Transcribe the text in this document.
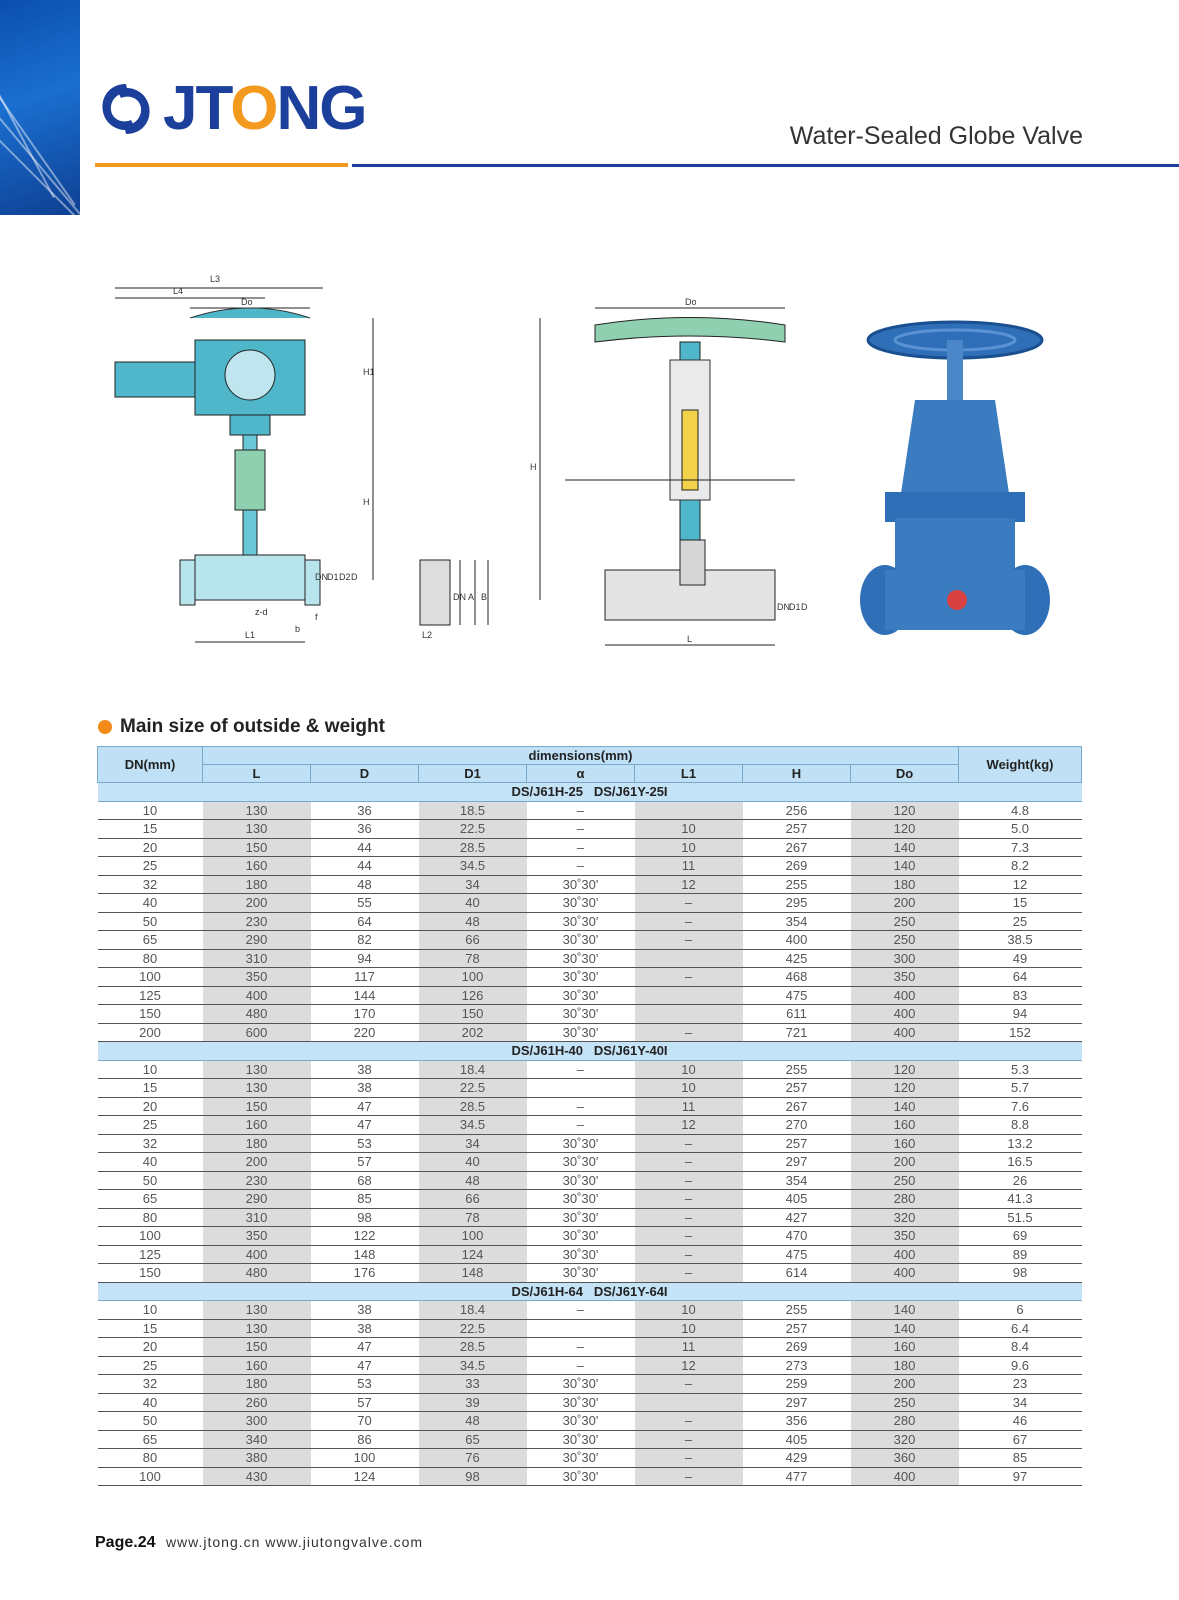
JTONG	Water-Sealed Globe Valve
L3
L4
Do
H1
H
DN D1 D2 D
L1
z-d
b
f
DN A B
L2
Do
H
L
DN D1 D
Main size of outside & weight
DN(mm)	dimensions(mm)							Weight(kg)
	L	D	D1	α	L1	H	Do	
DS/J61H-25   DS/J61Y-25I								
10	130	36	18.5	–		256	120	4.8
15	130	36	22.5	–	10	257	120	5.0
20	150	44	28.5	–	10	267	140	7.3
25	160	44	34.5	–	11	269	140	8.2
32	180	48	34	30˚30'	12	255	180	12
40	200	55	40	30˚30'	–	295	200	15
50	230	64	48	30˚30'	–	354	250	25
65	290	82	66	30˚30'	–	400	250	38.5
80	310	94	78	30˚30'		425	300	49
100	350	117	100	30˚30'	–	468	350	64
125	400	144	126	30˚30'		475	400	83
150	480	170	150	30˚30'		611	400	94
200	600	220	202	30˚30'	–	721	400	152
DS/J61H-40   DS/J61Y-40I								
10	130	38	18.4	–	10	255	120	5.3
15	130	38	22.5		10	257	120	5.7
20	150	47	28.5	–	11	267	140	7.6
25	160	47	34.5	–	12	270	160	8.8
32	180	53	34	30˚30'	–	257	160	13.2
40	200	57	40	30˚30'	–	297	200	16.5
50	230	68	48	30˚30'	–	354	250	26
65	290	85	66	30˚30'	–	405	280	41.3
80	310	98	78	30˚30'	–	427	320	51.5
100	350	122	100	30˚30'	–	470	350	69
125	400	148	124	30˚30'	–	475	400	89
150	480	176	148	30˚30'	–	614	400	98
DS/J61H-64   DS/J61Y-64I								
10	130	38	18.4	–	10	255	140	6
15	130	38	22.5		10	257	140	6.4
20	150	47	28.5	–	11	269	160	8.4
25	160	47	34.5	–	12	273	180	9.6
32	180	53	33	30˚30'	–	259	200	23
40	260	57	39	30˚30'		297	250	34
50	300	70	48	30˚30'	–	356	280	46
65	340	86	65	30˚30'	–	405	320	67
80	380	100	76	30˚30'	–	429	360	85
100	430	124	98	30˚30'	–	477	400	97
Page.24 www.jtong.cn www.jiutongvalve.com
